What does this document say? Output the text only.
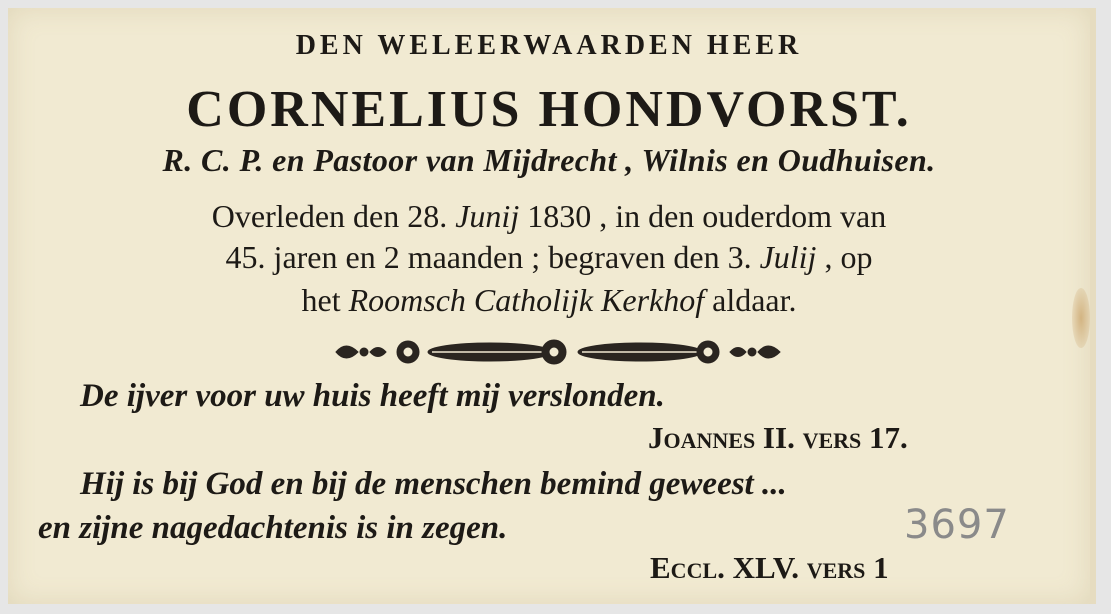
DEN WELEERWAARDEN HEER
CORNELIUS HONDVORST.
R. C. P. en Pastoor van Mijdrecht , Wilnis en Oudhuisen.
Overleden den 28. Junij 1830 , in den ouderdom van
45. jaren en 2 maanden ; begraven den 3. Julij , op
het Roomsch Catholijk Kerkhof aldaar.
De ijver voor uw huis heeft mij verslonden.
Joannes II. vers 17.
Hij is bij God en bij de menschen bemind geweest ...
en zijne nagedachtenis is in zegen.	3697
Eccl. XLV. vers 1
